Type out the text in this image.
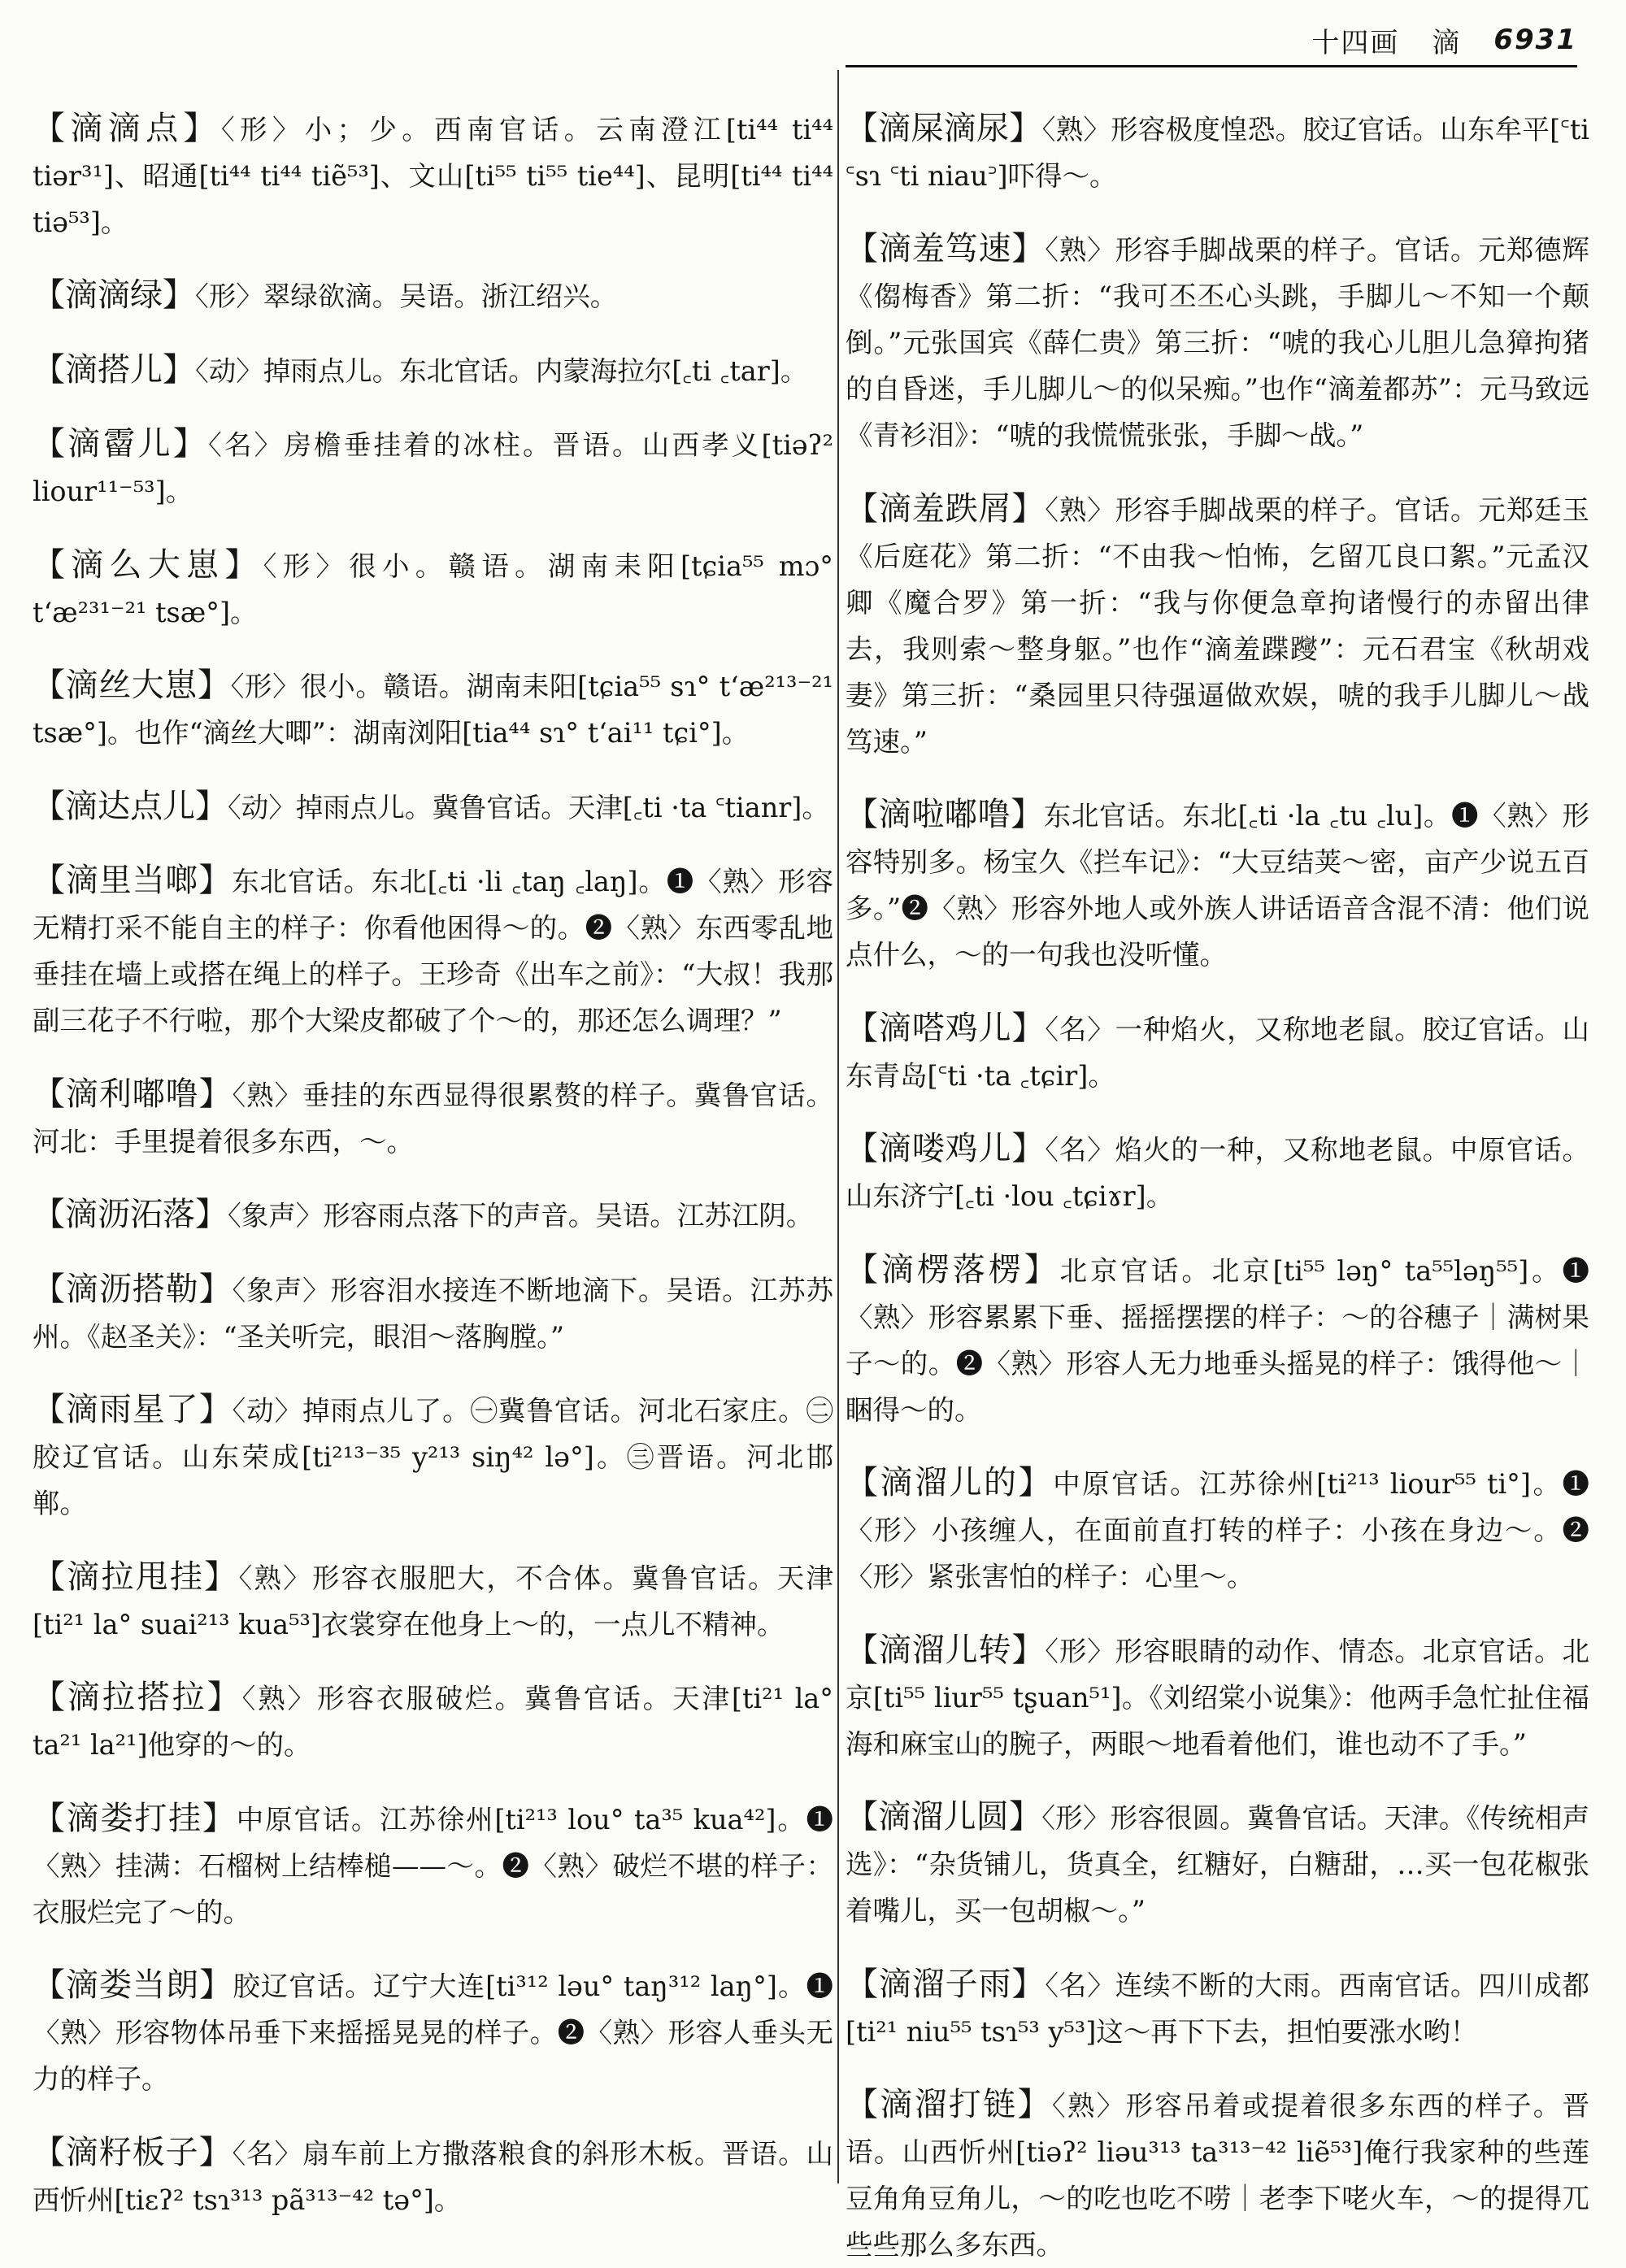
十四画 滴 6931

【滴滴点】〈形〉小；少。西南官话。云南澄江[ti⁴⁴ ti⁴⁴ tiər³¹]、昭通[ti⁴⁴ ti⁴⁴ tiẽ⁵³]、文山[ti⁵⁵ ti⁵⁵ tie⁴⁴]、昆明[ti⁴⁴ ti⁴⁴ tiə⁵³]。

【滴滴绿】〈形〉翠绿欲滴。吴语。浙江绍兴。

【滴搭儿】〈动〉掉雨点儿。东北官话。内蒙海拉尔[꜀ti ꜀tar]。

【滴霤儿】〈名〉房檐垂挂着的冰柱。晋语。山西孝义[tiəʔ² liour¹¹⁻⁵³]。

【滴么大崽】〈形〉很小。赣语。湖南耒阳[tɕia⁵⁵ mɔ° t‘æ²³¹⁻²¹ tsæ°]。

【滴丝大崽】〈形〉很小。赣语。湖南耒阳[tɕia⁵⁵ sɿ° t‘æ²¹³⁻²¹ tsæ°]。也作“滴丝大唧”：湖南浏阳[tia⁴⁴ sɿ° t‘ai¹¹ tɕi°]。

【滴达点儿】〈动〉掉雨点儿。冀鲁官话。天津[꜀ti ·ta ꜂tianr]。

【滴里当啷】东北官话。东北[꜀ti ·li ꜀taŋ ꜀laŋ]。❶〈熟〉形容无精打采不能自主的样子：你看他困得～的。❷〈熟〉东西零乱地垂挂在墙上或搭在绳上的样子。王珍奇《出车之前》：“大叔！我那副三花子不行啦，那个大梁皮都破了个～的，那还怎么调理？”

【滴利嘟噜】〈熟〉垂挂的东西显得很累赘的样子。冀鲁官话。河北：手里提着很多东西，～。

【滴沥沰落】〈象声〉形容雨点落下的声音。吴语。江苏江阴。

【滴沥搭勒】〈象声〉形容泪水接连不断地滴下。吴语。江苏苏州。《赵圣关》：“圣关听完，眼泪～落胸膛。”

【滴雨星了】〈动〉掉雨点儿了。㊀冀鲁官话。河北石家庄。㊁胶辽官话。山东荣成[ti²¹³⁻³⁵ y²¹³ siŋ⁴² lə°]。㊂晋语。河北邯郸。

【滴拉甩挂】〈熟〉形容衣服肥大，不合体。冀鲁官话。天津[ti²¹ la° suai²¹³ kua⁵³]衣裳穿在他身上～的，一点儿不精神。

【滴拉搭拉】〈熟〉形容衣服破烂。冀鲁官话。天津[ti²¹ la° ta²¹ la²¹]他穿的～的。

【滴娄打挂】中原官话。江苏徐州[ti²¹³ lou° ta³⁵ kua⁴²]。❶〈熟〉挂满：石榴树上结棒槌——～。❷〈熟〉破烂不堪的样子：衣服烂完了～的。

【滴娄当朗】胶辽官话。辽宁大连[ti³¹² ləu° taŋ³¹² laŋ°]。❶〈熟〉形容物体吊垂下来摇摇晃晃的样子。❷〈熟〉形容人垂头无力的样子。

【滴籽板子】〈名〉扇车前上方撒落粮食的斜形木板。晋语。山西忻州[tiɛʔ² tsɿ³¹³ pã³¹³⁻⁴² tə°]。

【滴屎滴尿】〈熟〉形容极度惶恐。胶辽官话。山东牟平[꜂ti ꜂sɿ ꜂ti niau꜄]吓得～。

【滴羞笃速】〈熟〉形容手脚战栗的样子。官话。元郑德辉《㑳梅香》第二折：“我可丕丕心头跳，手脚儿～不知一个颠倒。”元张国宾《薛仁贵》第三折：“唬的我心儿胆儿急獐拘猪的自昏迷，手儿脚儿～的似呆痴。”也作“滴羞都苏”：元马致远《青衫泪》：“唬的我慌慌张张，手脚～战。”

【滴羞跌屑】〈熟〉形容手脚战栗的样子。官话。元郑廷玉《后庭花》第二折：“不由我～怕怖，乞留兀良口絮。”元孟汉卿《魔合罗》第一折：“我与你便急章拘诸慢行的赤留出律去，我则索～整身躯。”也作“滴羞蹀躞”：元石君宝《秋胡戏妻》第三折：“桑园里只待强逼做欢娱，唬的我手儿脚儿～战笃速。”

【滴啦嘟噜】东北官话。东北[꜀ti ·la ꜀tu ꜀lu]。❶〈熟〉形容特别多。杨宝久《拦车记》：“大豆结荚～密，亩产少说五百多。”❷〈熟〉形容外地人或外族人讲话语音含混不清：他们说点什么，～的一句我也没听懂。

【滴嗒鸡儿】〈名〉一种焰火，又称地老鼠。胶辽官话。山东青岛[꜂ti ·ta ꜀tɕir]。

【滴喽鸡儿】〈名〉焰火的一种，又称地老鼠。中原官话。山东济宁[꜀ti ·lou ꜀tɕiɤr]。

【滴楞落楞】北京官话。北京[ti⁵⁵ ləŋ° ta⁵⁵ləŋ⁵⁵]。❶〈熟〉形容累累下垂、摇摇摆摆的样子：～的谷穗子｜满树果子～的。❷〈熟〉形容人无力地垂头摇晃的样子：饿得他～｜睏得～的。

【滴溜儿的】中原官话。江苏徐州[ti²¹³ liour⁵⁵ ti°]。❶〈形〉小孩缠人，在面前直打转的样子：小孩在身边～。❷〈形〉紧张害怕的样子：心里～。

【滴溜儿转】〈形〉形容眼睛的动作、情态。北京官话。北京[ti⁵⁵ liur⁵⁵ tʂuan⁵¹]。《刘绍棠小说集》：他两手急忙扯住福海和麻宝山的腕子，两眼～地看着他们，谁也动不了手。”

【滴溜儿圆】〈形〉形容很圆。冀鲁官话。天津。《传统相声选》：“杂货铺儿，货真全，红糖好，白糖甜，…买一包花椒张着嘴儿，买一包胡椒～。”

【滴溜子雨】〈名〉连续不断的大雨。西南官话。四川成都[ti²¹ niu⁵⁵ tsɿ⁵³ y⁵³]这～再下下去，担怕要涨水哟！

【滴溜打链】〈熟〉形容吊着或提着很多东西的样子。晋语。山西忻州[tiəʔ² liəu³¹³ ta³¹³⁻⁴² liẽ⁵³]俺行我家种的些莲豆角角豆角儿，～的吃也吃不唠｜老李下咾火车，～的提得兀些些那么多东西。
